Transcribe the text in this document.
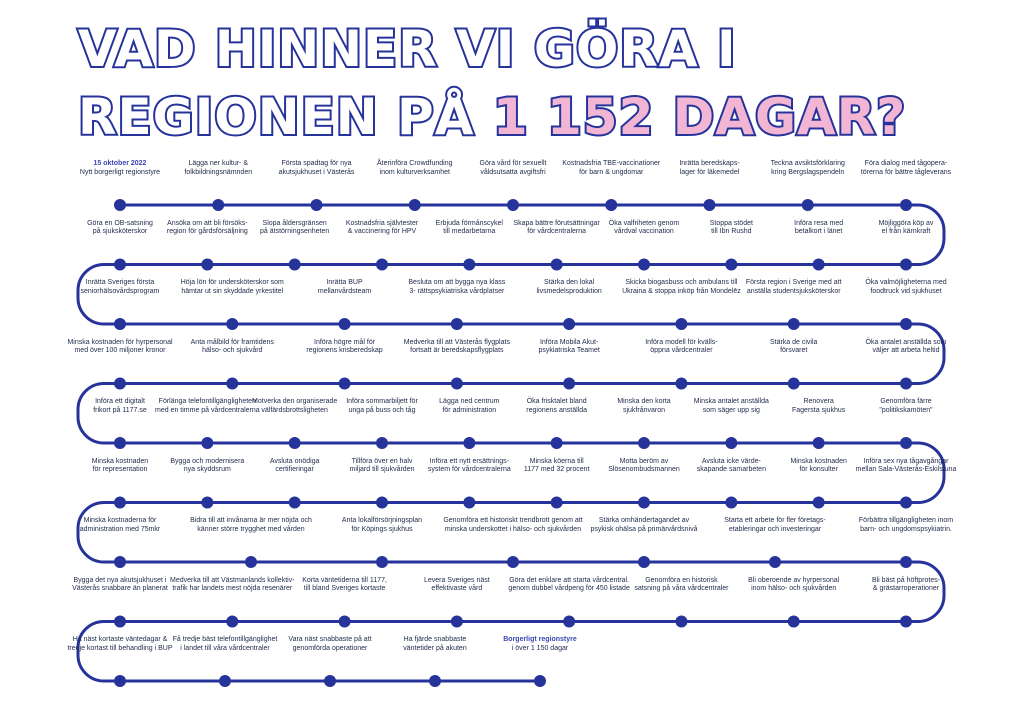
VAD HINNER VI GÖRA I
REGIONEN PÅ 1 152 DAGAR?
15 oktober 2022
Nytt borgerligt regionstyre
Lägga ner kultur- &
folkbildningsnämnden
Första spadtag för nya
akutsjukhuset i Västerås
Återinföra Crowdfunding
inom kulturverksamhet
Göra vård för sexuellt
våldsutsatta avgiftsfri
Kostnadsfria TBE-vaccinationer
för barn & ungdomar
Inrätta beredskaps-
lager för läkemedel
Teckna avsiktsförklaring
kring Bergslagspendeln
Föra dialog med tågopera-
törerna för bättre tågleverans
Göra en OB-satsning
på sjuksköterskor
Ansöka om att bli försöks-
region för gårdsförsäljning
Slopa åldersgränsen
på ätstörningsenheten
Kostnadsfria självtester
& vaccinering för HPV
Erbjuda förmånscykel
till medarbetarna
Skapa bättre förutsättningar
för vårdcentralerna
Öka valfriheten genom
vårdval vaccination
Stoppa stödet
till Ibn Rushd
Införa resa med
betalkort i länet
Möjliggöra köp av
el från kärnkraft
Inrätta Sveriges första
seniorhälsovårdsprogram
Höja lön för undersköterskor som
hämtar ut sin skyddade yrkestitel
Inrätta BUP
mellanvårdsteam
Besluta om att bygga nya klass
3- rättspsykiatriska vårdplatser
Stärka den lokal
livsmedelsproduktion
Skicka biogasbuss och ambulans till
Ukraina & stoppa inköp från Mondelēz
Första region i Sverige med att
anställa studentsjuksköterskor
Öka valmöjligheterna med
foodtruck vid sjukhuset
Minska kostnaden för hyrpersonal
med över 100 miljoner kronor
Anta målbild för framtidens
hälso- och sjukvård
Införa högre mål för
regionens krisberedskap
Medverka till att Västerås flygplats
fortsatt är beredskapsflygplats
Införa Mobila Akut-
psykiatriska Teamet
Införa modell för kvälls-
öppna vårdcentraler
Stärka de civila
försvaret
Öka antalet anställda som
väljer att arbeta heltid
Införa ett digitalt
frikort på 1177.se
Förlänga telefontillgängligheten
med en timme på vårdcentralerna
Motverka den organiserade
välfärdsbrottsligheten
Införa sommarbiljett för
unga på buss och tåg
Lägga ned centrum
för administration
Öka frisktalet bland
regionens anställda
Minska den korta
sjukfrånvaron
Minska antalet anställda
som säger upp sig
Renovera
Fagersta sjukhus
Genomföra färre
"politikskamöten"
Minska kostnaden
för representation
Bygga och modernisera
nya skyddsrum
Avsluta onödiga
certifieringar
Tillföra över en halv
miljard till sjukvården
Införa ett nytt ersättnings-
system för vårdcentralerna
Minska köerna till
1177 med 32 procent
Motta beröm av
Slösenombudsmannen
Avsluta icke värde-
skapande samarbeten
Minska kostnaden
för konsulter
Införa sex nya tågavgångar
mellan Sala-Västerås-Eskilstuna
Minska kostnaderna för
administration med 75mkr
Bidra till att invånarna är mer nöjda och
känner större trygghet med vården
Anta lokalförsörjningsplan
för Köpings sjukhus
Genomföra ett historiskt trendbrott genom att
minska underskottet i hälso- och sjukvården
Stärka omhändertagandet av
psykisk ohälsa på primärvårdsnivå
Starta ett arbete för fler företags-
etableringar och investeringar
Förbättra tillgängligheten inom
barn- och ungdomspsykiatrin.
Bygga det nya akutsjukhuset i
Västerås snabbare än planerat
Medverka till att Västmanlands kollektiv-
trafik har landets mest nöjda resenärer
Korta väntetiderna till 1177,
till bland Sveriges kortaste
Levera Sveriges näst
effektivaste vård
Göra det enklare att starta vårdcentral.
genom dubbel vårdpeng för 450 listade
Genomföra en historisk
satsning på våra vårdcentraler
Bli oberoende av hyrpersonal
inom hälso- och sjukvården
Bli bäst på höftprotes-
& grästarroperationer
Ha näst kortaste väntedagar &
tredje kortast till behandling i BUP
Få tredje bäst telefontillgänglighet
i landet till våra vårdcentraler
Vara näst snabbaste på att
genomförda operationer
Ha fjärde snabbaste
väntetider på akuten
Borgerligt regionstyre
i över 1 150 dagar
